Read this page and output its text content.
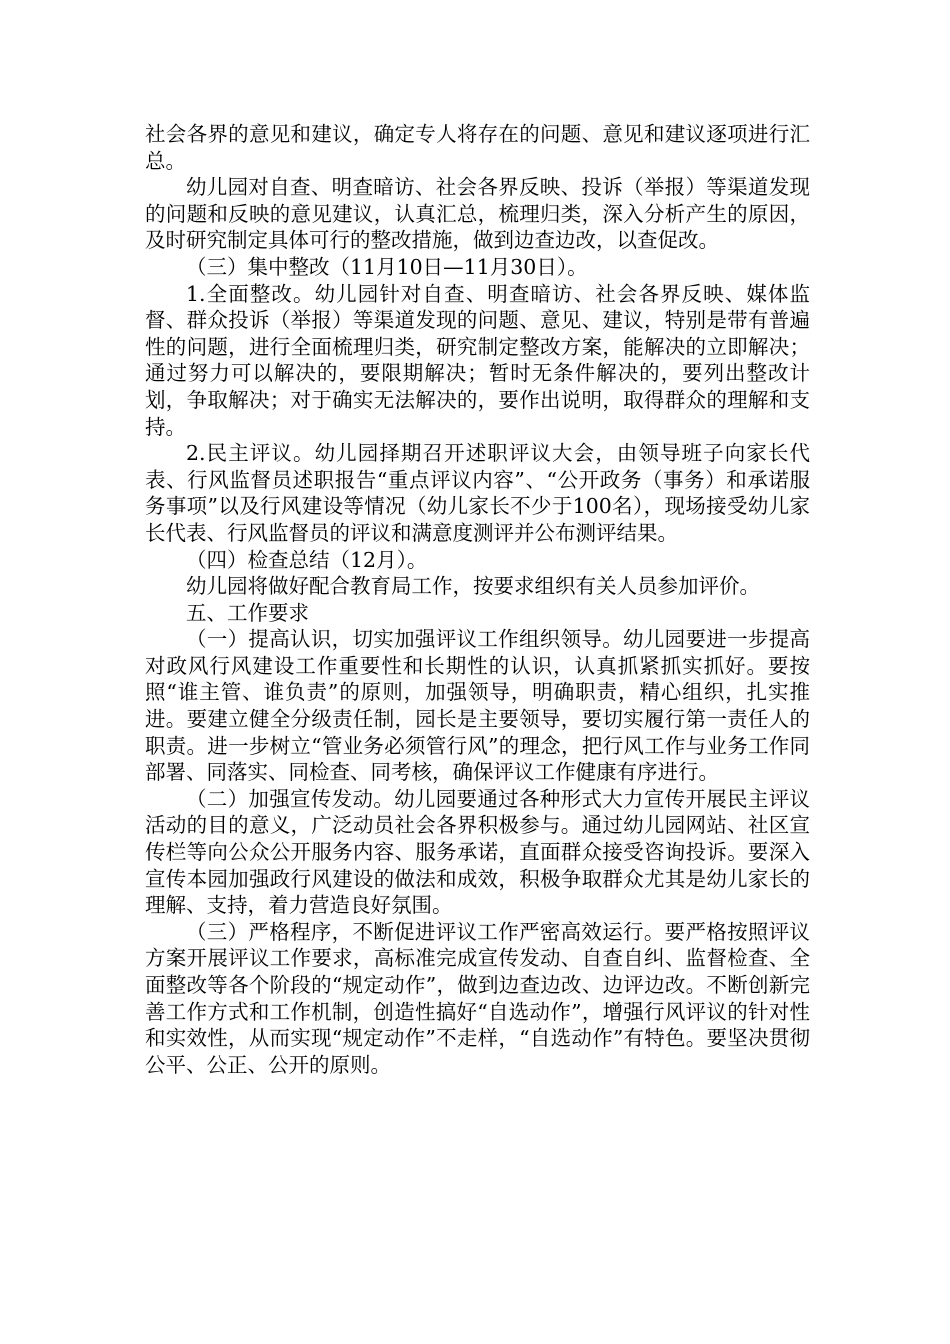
社会各界的意见和建议，确定专人将存在的问题、意见和建议逐项进行汇总。

幼儿园对自查、明查暗访、社会各界反映、投诉（举报）等渠道发现的问题和反映的意见建议，认真汇总，梳理归类，深入分析产生的原因，及时研究制定具体可行的整改措施，做到边查边改，以查促改。

（三）集中整改（11月10日—11月30日）。

1.全面整改。幼儿园针对自查、明查暗访、社会各界反映、媒体监督、群众投诉（举报）等渠道发现的问题、意见、建议，特别是带有普遍性的问题，进行全面梳理归类，研究制定整改方案，能解决的立即解决；通过努力可以解决的，要限期解决；暂时无条件解决的，要列出整改计划，争取解决；对于确实无法解决的，要作出说明，取得群众的理解和支持。

2.民主评议。幼儿园择期召开述职评议大会，由领导班子向家长代表、行风监督员述职报告“重点评议内容”、“公开政务（事务）和承诺服务事项”以及行风建设等情况（幼儿家长不少于100名），现场接受幼儿家长代表、行风监督员的评议和满意度测评并公布测评结果。

（四）检查总结（12月）。

幼儿园将做好配合教育局工作，按要求组织有关人员参加评价。

五、工作要求

（一）提高认识，切实加强评议工作组织领导。幼儿园要进一步提高对政风行风建设工作重要性和长期性的认识，认真抓紧抓实抓好。要按照“谁主管、谁负责”的原则，加强领导，明确职责，精心组织，扎实推进。要建立健全分级责任制，园长是主要领导，要切实履行第一责任人的职责。进一步树立“管业务必须管行风”的理念，把行风工作与业务工作同部署、同落实、同检查、同考核，确保评议工作健康有序进行。

（二）加强宣传发动。幼儿园要通过各种形式大力宣传开展民主评议活动的目的意义，广泛动员社会各界积极参与。通过幼儿园网站、社区宣传栏等向公众公开服务内容、服务承诺，直面群众接受咨询投诉。要深入宣传本园加强政行风建设的做法和成效，积极争取群众尤其是幼儿家长的理解、支持，着力营造良好氛围。

（三）严格程序，不断促进评议工作严密高效运行。要严格按照评议方案开展评议工作要求，高标准完成宣传发动、自查自纠、监督检查、全面整改等各个阶段的“规定动作”，做到边查边改、边评边改。不断创新完善工作方式和工作机制，创造性搞好“自选动作”，增强行风评议的针对性和实效性，从而实现“规定动作”不走样，“自选动作”有特色。要坚决贯彻公平、公正、公开的原则。
